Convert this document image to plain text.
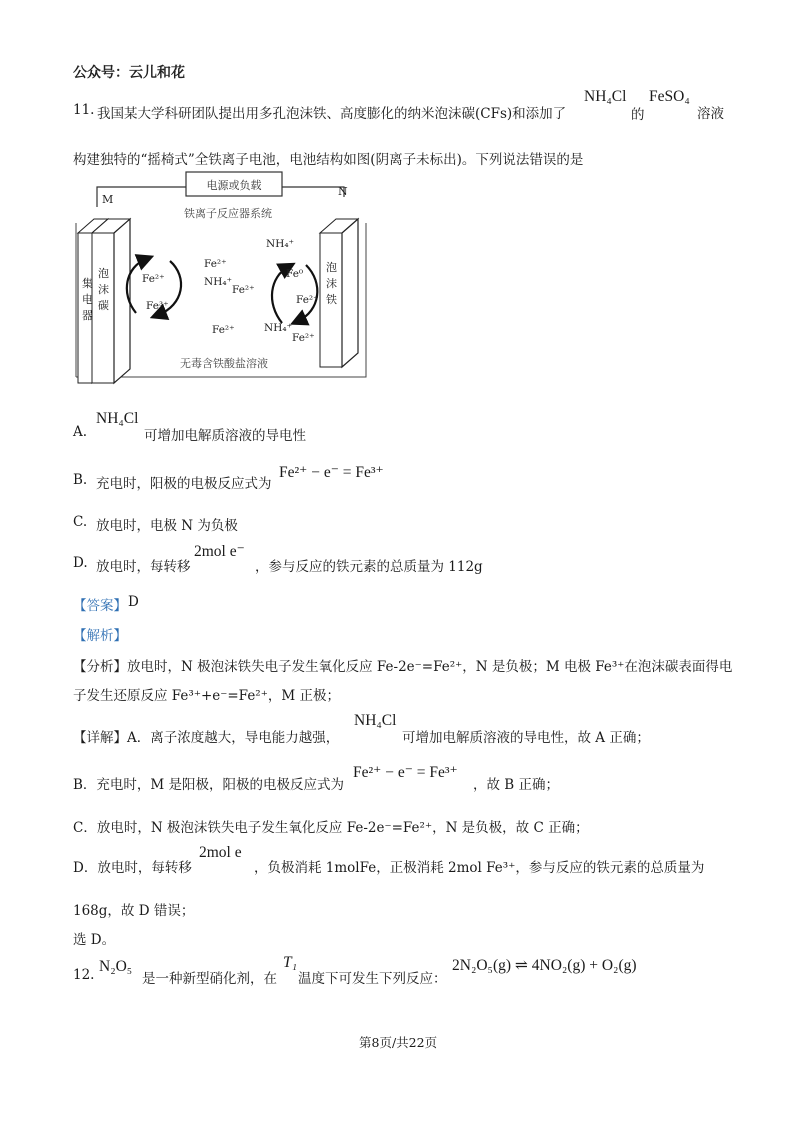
公众号：云儿和花
11. 我国某大学科研团队提出用多孔泡沫铁、高度膨化的纳米泡沫碳(CFs)和添加了
NH₄Cl
的
FeSO₄
溶液
构建独特的“摇椅式”全铁离子电池，电池结构如图(阴离子未标出)。下列说法错误的是
电源或负载
M
N
铁离子反应器系统
集
电
器
泡
沫
碳
泡
沫
铁
Fe²⁺
Fe³⁺
Fe²⁺
NH₄⁺
Fe²⁺
Fe²⁺
NH₄⁺
Fe⁰
Fe²⁺
NH₄⁺
Fe²⁺
无毒含铁酸盐溶液
A.
NH₄Cl
可增加电解质溶液的导电性
B. 充电时，阳极的电极反应式为
Fe²⁺ − e⁻ = Fe³⁺
C. 放电时，电极 N 为负极
D. 放电时，每转移
2mol e⁻
，参与反应的铁元素的总质量为 112g
【答案】 D
【解析】
【分析】 放电时，N 极泡沫铁失电子发生氧化反应 Fe-2e⁻=Fe²⁺，N 是负极；M 电极 Fe³⁺在泡沫碳表面得电
子发生还原反应 Fe³⁺+e⁻=Fe²⁺，M 正极；
【详解】 A．离子浓度越大，导电能力越强，
NH₄Cl
可增加电解质溶液的导电性，故 A 正确；
B．充电时，M 是阳极，阳极的电极反应式为
Fe²⁺ − e⁻ = Fe³⁺
，故 B 正确；
C．放电时，N 极泡沫铁失电子发生氧化反应 Fe-2e⁻=Fe²⁺，N 是负极，故 C 正确；
D．放电时，每转移
2mol e
，负极消耗 1molFe，正极消耗 2mol Fe³⁺，参与反应的铁元素的总质量为
168g，故 D 错误；
选 D。
12. N₂O₅
是一种新型硝化剂，在
T₁
温度下可发生下列反应：
2N₂O₅(g) ⇌ 4NO₂(g) + O₂(g)
第8页/共22页
